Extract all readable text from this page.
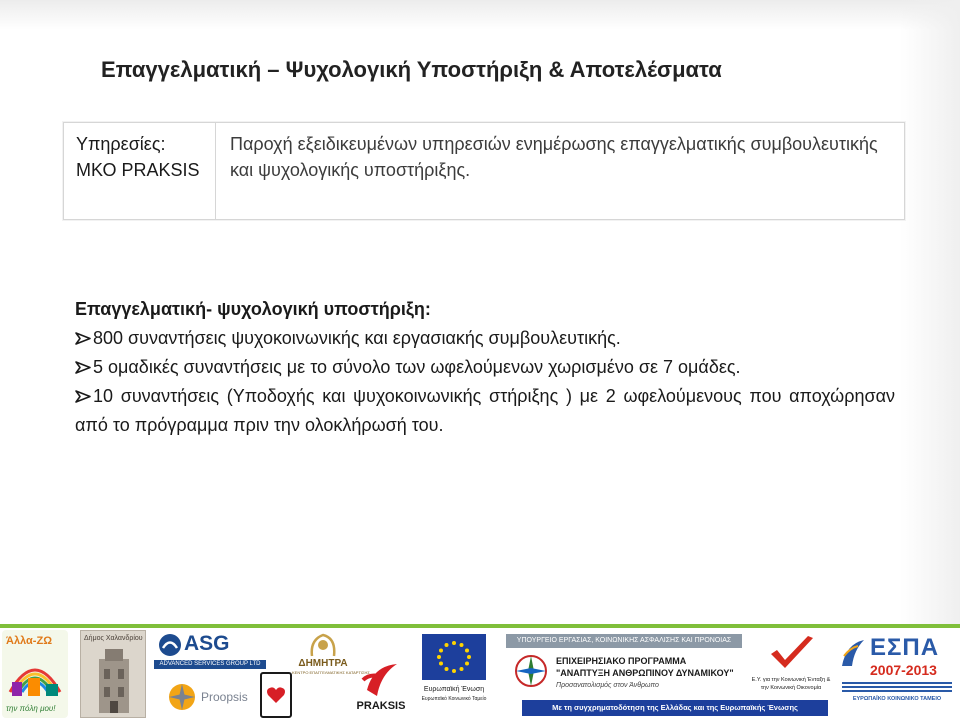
Επαγγελματική – Ψυχολογική Υποστήριξη & Αποτελέσματα
Υπηρεσίες:
ΜΚΟ PRAKSIS
Παροχή εξειδικευμένων υπηρεσιών ενημέρωσης επαγγελματικής συμβουλευτικής και ψυχολογικής υποστήριξης.
Επαγγελματική- ψυχολογική υποστήριξη:
800 συναντήσεις ψυχοκοινωνικής και εργασιακής συμβουλευτικής.
5 ομαδικές συναντήσεις με το σύνολο των ωφελούμενων χωρισμένο σε 7 ομάδες.
10 συναντήσεις (Υποδοχής και ψυχοκοινωνικής στήριξης ) με 2 ωφελούμενους που αποχώρησαν από το πρόγραμμα πριν την ολοκλήρωσή του.
Άλλα-ΖΩ
την πόλη μου!
Δήμος Χαλανδρίου ASG
ADVANCED SERVICES GROUP LTD
Proopsis
ΔΗΜΗΤΡΑ
ΚΕΝΤΡΟ ΕΠΑΓΓΕΛΜΑΤΙΚΗΣ ΚΑΤΑΡΤΙΣΗΣ
PRAKSIS
Ευρωπαϊκή Ένωση
Ευρωπαϊκό Κοινωνικό Ταμείο
ΥΠΟΥΡΓΕΙΟ ΕΡΓΑΣΙΑΣ, ΚΟΙΝΩΝΙΚΗΣ ΑΣΦΑΛΙΣΗΣ ΚΑΙ ΠΡΟΝΟΙΑΣ
ΕΠΙΧΕΙΡΗΣΙΑΚΟ ΠΡΟΓΡΑΜΜΑ
"ΑΝΑΠΤΥΞΗ ΑΝΘΡΩΠΙΝΟΥ ΔΥΝΑΜΙΚΟΥ"
Προσανατολισμός στον Άνθρωπο
Με τη συγχρηματοδότηση της Ελλάδας και της Ευρωπαϊκής Ένωσης
Ε.Υ. για την Κοινωνική Ένταξη & την Κοινωνική Οικονομία
ΕΣΠΑ
2007-2013
ΕΥΡΩΠΑΪΚΟ ΚΟΙΝΩΝΙΚΟ ΤΑΜΕΙΟ
